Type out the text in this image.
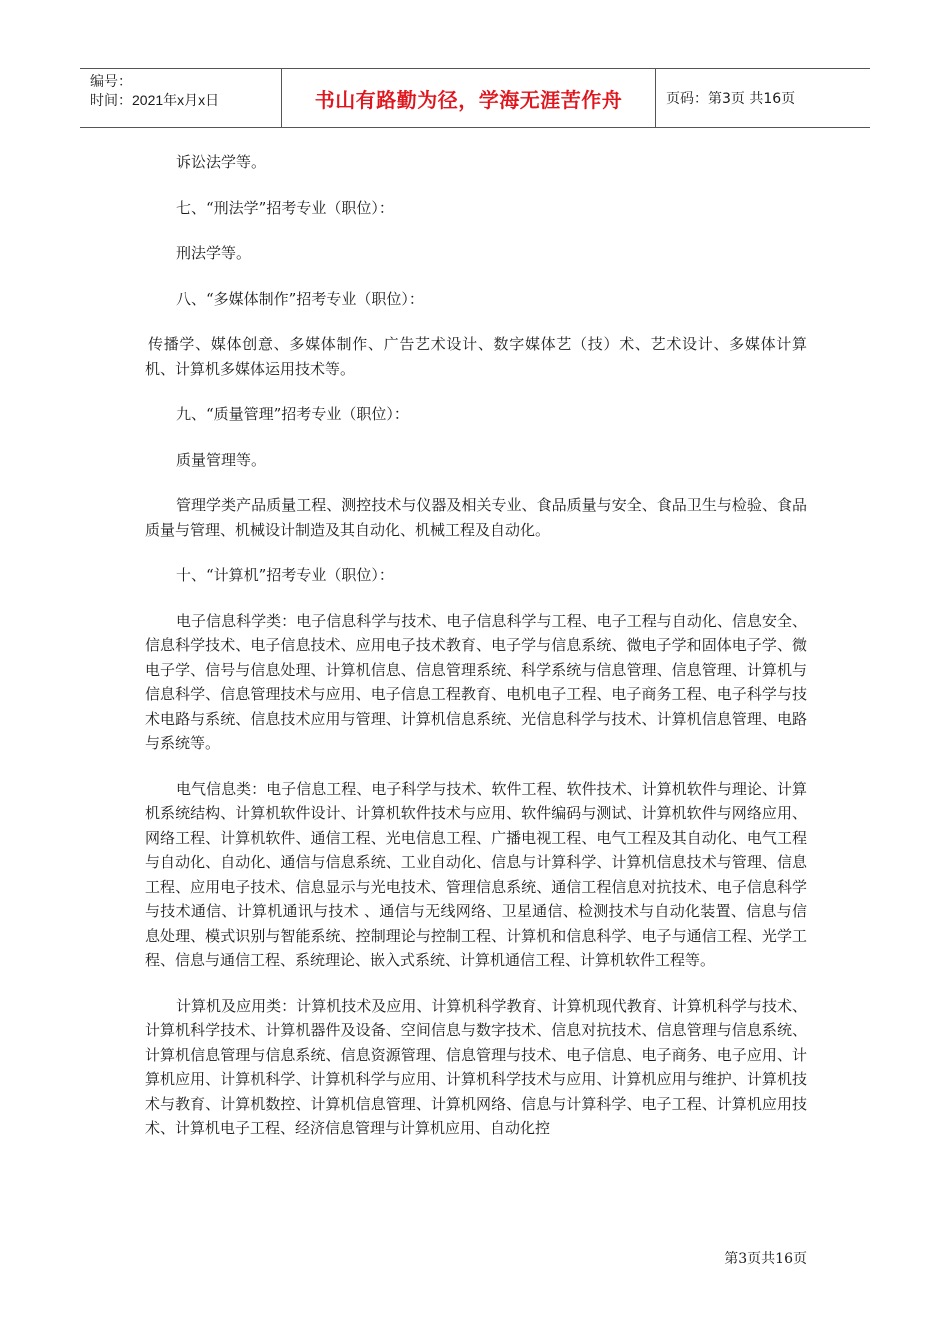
编号：
时间：2021年x月x日	书山有路勤为径，学海无涯苦作舟	页码：第3页 共16页

诉讼法学等。

七、“刑法学”招考专业（职位）：

刑法学等。

八、“多媒体制作”招考专业（职位）：

传播学、媒体创意、多媒体制作、广告艺术设计、数字媒体艺（技）术、艺术设计、多媒体计算机、计算机多媒体运用技术等。

九、“质量管理”招考专业（职位）：

质量管理等。

管理学类产品质量工程、测控技术与仪器及相关专业、食品质量与安全、食品卫生与检验、食品质量与管理、机械设计制造及其自动化、机械工程及自动化。

十、“计算机”招考专业（职位）：

电子信息科学类：电子信息科学与技术、电子信息科学与工程、电子工程与自动化、信息安全、信息科学技术、电子信息技术、应用电子技术教育、电子学与信息系统、微电子学和固体电子学、微电子学、信号与信息处理、计算机信息、信息管理系统、科学系统与信息管理、信息管理、计算机与信息科学、信息管理技术与应用、电子信息工程教育、电机电子工程、电子商务工程、电子科学与技术电路与系统、信息技术应用与管理、计算机信息系统、光信息科学与技术、计算机信息管理、电路与系统等。

电气信息类：电子信息工程、电子科学与技术、软件工程、软件技术、计算机软件与理论、计算机系统结构、计算机软件设计、计算机软件技术与应用、软件编码与测试、计算机软件与网络应用、网络工程、计算机软件、通信工程、光电信息工程、广播电视工程、电气工程及其自动化、电气工程与自动化、自动化、通信与信息系统、工业自动化、信息与计算科学、计算机信息技术与管理、信息工程、应用电子技术、信息显示与光电技术、管理信息系统、通信工程信息对抗技术、电子信息科学与技术通信、计算机通讯与技术 、通信与无线网络、卫星通信、检测技术与自动化装置、信息与信息处理、模式识别与智能系统、控制理论与控制工程、计算机和信息科学、电子与通信工程、光学工程、信息与通信工程、系统理论、嵌入式系统、计算机通信工程、计算机软件工程等。

计算机及应用类：计算机技术及应用、计算机科学教育、计算机现代教育、计算机科学与技术、计算机科学技术、计算机器件及设备、空间信息与数字技术、信息对抗技术、信息管理与信息系统、计算机信息管理与信息系统、信息资源管理、信息管理与技术、电子信息、电子商务、电子应用、计算机应用、计算机科学、计算机科学与应用、计算机科学技术与应用、计算机应用与维护、计算机技术与教育、计算机数控、计算机信息管理、计算机网络、信息与计算科学、电子工程、计算机应用技术、计算机电子工程、经济信息管理与计算机应用、自动化控

第3页共16页
